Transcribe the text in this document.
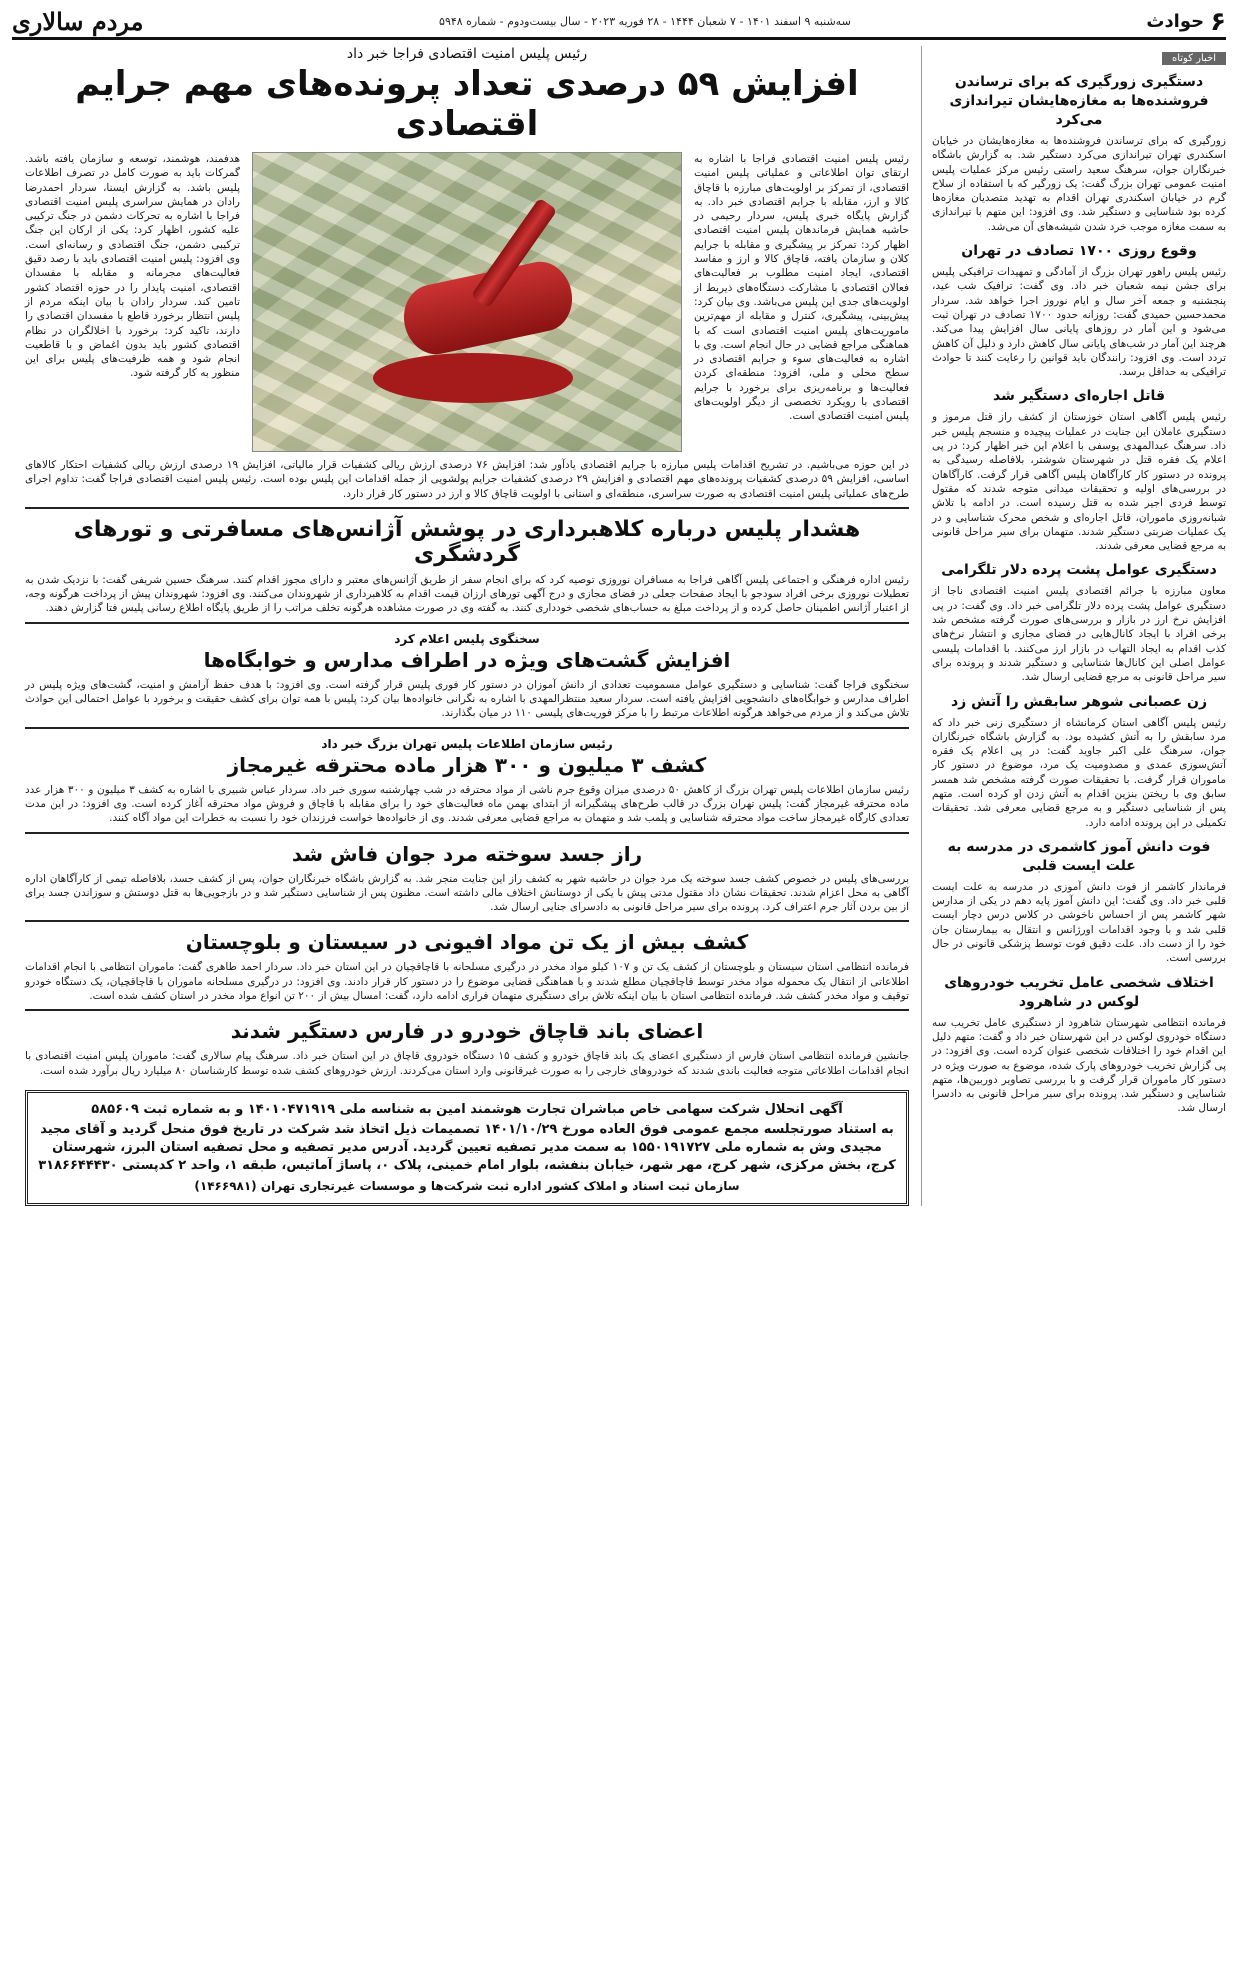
۶
حوادث
سه‌شنبه ۹ اسفند ۱۴۰۱ - ۷ شعبان ۱۴۴۴ - ۲۸ فوریه ۲۰۲۳ - سال بیست‌ودوم - شماره ۵۹۴۸
مردم سالاری
اخبار کوتاه
دستگیری زورگیری که برای ترساندن فروشنده‌ها به مغازه‌هایشان تیراندازی می‌کرد

زورگیری که برای ترساندن فروشنده‌ها به مغازه‌هایشان در خیابان اسکندری تهران تیراندازی می‌کرد دستگیر شد. به گزارش باشگاه خبرنگاران جوان، سرهنگ سعید راستی رئیس مرکز عملیات پلیس امنیت عمومی تهران بزرگ گفت: یک زورگیر که با استفاده از سلاح گرم در خیابان اسکندری تهران اقدام به تهدید متصدیان مغازه‌ها کرده بود شناسایی و دستگیر شد. وی افزود: این متهم با تیراندازی به سمت مغازه موجب خرد شدن شیشه‌های آن می‌شد.

وقوع روزی ۱۷۰۰ تصادف در تهران

رئیس پلیس راهور تهران بزرگ از آمادگی و تمهیدات ترافیکی پلیس برای جشن نیمه شعبان خبر داد. وی گفت: ترافیک شب عید، پنجشنبه و جمعه آخر سال و ایام نوروز اجرا خواهد شد. سردار محمدحسین حمیدی گفت: روزانه حدود ۱۷۰۰ تصادف در تهران ثبت می‌شود و این آمار در روزهای پایانی سال افزایش پیدا می‌کند. هرچند این آمار در شب‌های پایانی سال کاهش دارد و دلیل آن کاهش تردد است. وی افزود: رانندگان باید قوانین را رعایت کنند تا حوادث ترافیکی به حداقل برسد.

قاتل اجاره‌ای دستگیر شد

رئیس پلیس آگاهی استان خوزستان از کشف راز قتل مرموز و دستگیری عاملان این جنایت در عملیات پیچیده و منسجم پلیس خبر داد. سرهنگ عبدالمهدی یوسفی با اعلام این خبر اظهار کرد: در پی اعلام یک فقره قتل در شهرستان شوشتر، بلافاصله رسیدگی به پرونده در دستور کار کارآگاهان پلیس آگاهی قرار گرفت. کارآگاهان در بررسی‌های اولیه و تحقیقات میدانی متوجه شدند که مقتول توسط فردی اجیر شده به قتل رسیده است. در ادامه با تلاش شبانه‌روزی ماموران، قاتل اجاره‌ای و شخص محرک شناسایی و در یک عملیات ضربتی دستگیر شدند. متهمان برای سیر مراحل قانونی به مرجع قضایی معرفی شدند.

دستگیری عوامل پشت پرده دلار تلگرامی

معاون مبارزه با جرائم اقتصادی پلیس امنیت اقتصادی ناجا از دستگیری عوامل پشت پرده دلار تلگرامی خبر داد. وی گفت: در پی افزایش نرخ ارز در بازار و بررسی‌های صورت گرفته مشخص شد برخی افراد با ایجاد کانال‌هایی در فضای مجازی و انتشار نرخ‌های کذب اقدام به ایجاد التهاب در بازار ارز می‌کنند. با اقدامات پلیسی عوامل اصلی این کانال‌ها شناسایی و دستگیر شدند و پرونده برای سیر مراحل قانونی به مرجع قضایی ارسال شد.

زن عصبانی شوهر سابقش را آتش زد

رئیس پلیس آگاهی استان کرمانشاه از دستگیری زنی خبر داد که مرد سابقش را به آتش کشیده بود. به گزارش باشگاه خبرنگاران جوان، سرهنگ علی اکبر جاوید گفت: در پی اعلام یک فقره آتش‌سوزی عمدی و مصدومیت یک مرد، موضوع در دستور کار ماموران قرار گرفت. با تحقیقات صورت گرفته مشخص شد همسر سابق وی با ریختن بنزین اقدام به آتش زدن او کرده است. متهم پس از شناسایی دستگیر و به مرجع قضایی معرفی شد. تحقیقات تکمیلی در این پرونده ادامه دارد.

فوت دانش آموز کاشمری در مدرسه به علت ایست قلبی

فرماندار کاشمر از فوت دانش آموزی در مدرسه به علت ایست قلبی خبر داد. وی گفت: این دانش آموز پایه دهم در یکی از مدارس شهر کاشمر پس از احساس ناخوشی در کلاس درس دچار ایست قلبی شد و با وجود اقدامات اورژانس و انتقال به بیمارستان جان خود را از دست داد. علت دقیق فوت توسط پزشکی قانونی در حال بررسی است.

اختلاف شخصی عامل تخریب خودروهای لوکس در شاهرود

فرمانده انتظامی شهرستان شاهرود از دستگیری عامل تخریب سه دستگاه خودروی لوکس در این شهرستان خبر داد و گفت: متهم دلیل این اقدام خود را اختلافات شخصی عنوان کرده است. وی افزود: در پی گزارش تخریب خودروهای پارک شده، موضوع به صورت ویژه در دستور کار ماموران قرار گرفت و با بررسی تصاویر دوربین‌ها، متهم شناسایی و دستگیر شد. پرونده برای سیر مراحل قانونی به دادسرا ارسال شد.

رئیس پلیس امنیت اقتصادی فراجا خبر داد

افزایش ۵۹ درصدی تعداد پرونده‌های مهم جرایم اقتصادی

رئیس پلیس امنیت اقتصادی فراجا با اشاره به ارتقای توان اطلاعاتی و عملیاتی پلیس امنیت اقتصادی، از تمرکز بر اولویت‌های مبارزه با قاچاق کالا و ارز، مقابله با جرایم اقتصادی خبر داد. به گزارش پایگاه خبری پلیس، سردار رحیمی در حاشیه همایش فرماندهان پلیس امنیت اقتصادی اظهار کرد: تمرکز بر پیشگیری و مقابله با جرایم کلان و سازمان یافته، قاچاق کالا و ارز و مفاسد اقتصادی، ایجاد امنیت مطلوب بر فعالیت‌های فعالان اقتصادی با مشارکت دستگاه‌های ذیربط از اولویت‌های جدی این پلیس می‌باشد. وی بیان کرد: پیش‌بینی، پیشگیری، کنترل و مقابله از مهم‌ترین ماموریت‌های پلیس امنیت اقتصادی است که با هماهنگی مراجع قضایی در حال انجام است. وی با اشاره به فعالیت‌های سوء و جرایم اقتصادی در سطح محلی و ملی، افزود: منطقه‌ای کردن فعالیت‌ها و برنامه‌ریزی برای برخورد با جرایم اقتصادی با رویکرد تخصصی از دیگر اولویت‌های پلیس امنیت اقتصادی است.

هدفمند، هوشمند، توسعه و سازمان یافته باشد. گمرکات باید به صورت کامل در تصرف اطلاعات پلیس باشد. به گزارش ایسنا، سردار احمدرضا رادان در همایش سراسری پلیس امنیت اقتصادی فراجا با اشاره به تحرکات دشمن در جنگ ترکیبی علیه کشور، اظهار کرد: یکی از ارکان این جنگ ترکیبی دشمن، جنگ اقتصادی و رسانه‌ای است. وی افزود: پلیس امنیت اقتصادی باید با رصد دقیق فعالیت‌های مجرمانه و مقابله با مفسدان اقتصادی، امنیت پایدار را در حوزه اقتصاد کشور تامین کند. سردار رادان با بیان اینکه مردم از پلیس انتظار برخورد قاطع با مفسدان اقتصادی را دارند، تاکید کرد: برخورد با اخلالگران در نظام اقتصادی کشور باید بدون اغماض و با قاطعیت انجام شود و همه ظرفیت‌های پلیس برای این منظور به کار گرفته شود.

در این حوزه می‌باشیم. در تشریح اقدامات پلیس مبارزه با جرایم اقتصادی یادآور شد: افزایش ۷۶ درصدی ارزش ریالی کشفیات قرار مالیاتی، افزایش ۱۹ درصدی ارزش ریالی کشفیات احتکار کالاهای اساسی، افزایش ۵۹ درصدی کشفیات پرونده‌های مهم اقتصادی و افزایش ۲۹ درصدی کشفیات جرایم پولشویی از جمله اقدامات این پلیس بوده است. رئیس پلیس امنیت اقتصادی فراجا گفت: تداوم اجرای طرح‌های عملیاتی پلیس امنیت اقتصادی به صورت سراسری، منطقه‌ای و استانی با اولویت قاچاق کالا و ارز در دستور کار قرار دارد.

هشدار پلیس درباره کلاهبرداری در پوشش آژانس‌های مسافرتی و تورهای گردشگری

رئیس اداره فرهنگی و اجتماعی پلیس آگاهی فراجا به مسافران نوروزی توصیه کرد که برای انجام سفر از طریق آژانس‌های معتبر و دارای مجوز اقدام کنند. سرهنگ حسین شریفی گفت: با نزدیک شدن به تعطیلات نوروزی برخی افراد سودجو با ایجاد صفحات جعلی در فضای مجازی و درج آگهی تورهای ارزان قیمت اقدام به کلاهبرداری از شهروندان می‌کنند. وی افزود: شهروندان پیش از پرداخت هرگونه وجه، از اعتبار آژانس اطمینان حاصل کرده و از پرداخت مبلغ به حساب‌های شخصی خودداری کنند. به گفته وی در صورت مشاهده هرگونه تخلف مراتب را از طریق پایگاه اطلاع رسانی پلیس فتا گزارش دهند.

سخنگوی پلیس اعلام کرد

افزایش گشت‌های ویژه در اطراف مدارس و خوابگاه‌ها

سخنگوی فراجا گفت: شناسایی و دستگیری عوامل مسمومیت تعدادی از دانش آموزان در دستور کار فوری پلیس قرار گرفته است. وی افزود: با هدف حفظ آرامش و امنیت، گشت‌های ویژه پلیس در اطراف مدارس و خوابگاه‌های دانشجویی افزایش یافته است. سردار سعید منتظرالمهدی با اشاره به نگرانی خانواده‌ها بیان کرد: پلیس با همه توان برای کشف حقیقت و برخورد با عوامل احتمالی این حوادث تلاش می‌کند و از مردم می‌خواهد هرگونه اطلاعات مرتبط را با مرکز فوریت‌های پلیسی ۱۱۰ در میان بگذارند.

رئیس سازمان اطلاعات پلیس تهران بزرگ خبر داد

کشف ۳ میلیون و ۳۰۰ هزار ماده محترقه غیرمجاز

رئیس سازمان اطلاعات پلیس تهران بزرگ از کاهش ۵۰ درصدی میزان وقوع جرم ناشی از مواد محترقه در شب چهارشنبه سوری خبر داد. سردار عباس شبیری با اشاره به کشف ۳ میلیون و ۳۰۰ هزار عدد ماده محترقه غیرمجاز گفت: پلیس تهران بزرگ در قالب طرح‌های پیشگیرانه از ابتدای بهمن ماه فعالیت‌های خود را برای مقابله با قاچاق و فروش مواد محترقه آغاز کرده است. وی افزود: در این مدت تعدادی کارگاه غیرمجاز ساخت مواد محترقه شناسایی و پلمب شد و متهمان به مراجع قضایی معرفی شدند. وی از خانواده‌ها خواست فرزندان خود را نسبت به خطرات این مواد آگاه کنند.

راز جسد سوخته مرد جوان فاش شد

بررسی‌های پلیس در خصوص کشف جسد سوخته یک مرد جوان در حاشیه شهر به کشف راز این جنایت منجر شد. به گزارش باشگاه خبرنگاران جوان، پس از کشف جسد، بلافاصله تیمی از کارآگاهان اداره آگاهی به محل اعزام شدند. تحقیقات نشان داد مقتول مدتی پیش با یکی از دوستانش اختلاف مالی داشته است. مظنون پس از شناسایی دستگیر شد و در بازجویی‌ها به قتل دوستش و سوزاندن جسد برای از بین بردن آثار جرم اعتراف کرد. پرونده برای سیر مراحل قانونی به دادسرای جنایی ارسال شد.

کشف بیش از یک تن مواد افیونی در سیستان و بلوچستان

فرمانده انتظامی استان سیستان و بلوچستان از کشف یک تن و ۱۰۷ کیلو مواد مخدر در درگیری مسلحانه با قاچاقچیان در این استان خبر داد. سردار احمد طاهری گفت: ماموران انتظامی با انجام اقدامات اطلاعاتی از انتقال یک محموله مواد مخدر توسط قاچاقچیان مطلع شدند و با هماهنگی قضایی موضوع را در دستور کار قرار دادند. وی افزود: در درگیری مسلحانه ماموران با قاچاقچیان، یک دستگاه خودرو توقیف و مواد مخدر کشف شد. فرمانده انتظامی استان با بیان اینکه تلاش برای دستگیری متهمان فراری ادامه دارد، گفت: امسال بیش از ۲۰۰ تن انواع مواد مخدر در استان کشف شده است.

اعضای باند قاچاق خودرو در فارس دستگیر شدند

جانشین فرمانده انتظامی استان فارس از دستگیری اعضای یک باند قاچاق خودرو و کشف ۱۵ دستگاه خودروی قاچاق در این استان خبر داد. سرهنگ پیام سالاری گفت: ماموران پلیس امنیت اقتصادی با انجام اقدامات اطلاعاتی متوجه فعالیت باندی شدند که خودروهای خارجی را به صورت غیرقانونی وارد استان می‌کردند. ارزش خودروهای کشف شده توسط کارشناسان ۸۰ میلیارد ریال برآورد شده است.

آگهی انحلال شرکت سهامی خاص مباشران تجارت هوشمند امین به شناسه ملی ۱۴۰۱۰۴۷۱۹۱۹ و به شماره ثبت ۵۸۵۶۰۹

به استناد صورتجلسه مجمع عمومی فوق العاده مورخ ۱۴۰۱/۱۰/۲۹ تصمیمات ذیل اتخاذ شد شرکت در تاریخ فوق منحل گردید و آقای مجید مجیدی وش به شماره ملی ۱۵۵۰۱۹۱۷۲۷ به سمت مدیر تصفیه تعیین گردید. آدرس مدیر تصفیه و محل تصفیه استان البرز، شهرستان کرج، بخش مرکزی، شهر کرج، مهر شهر، خیابان بنفشه، بلوار امام خمینی، پلاک ۰، پاساژ آماتیس، طبقه ۱، واحد ۲ کدپستی ۳۱۸۶۶۴۴۴۳۰

سازمان ثبت اسناد و املاک کشور اداره ثبت شرکت‌ها و موسسات غیرتجاری تهران (۱۴۶۶۹۸۱)
